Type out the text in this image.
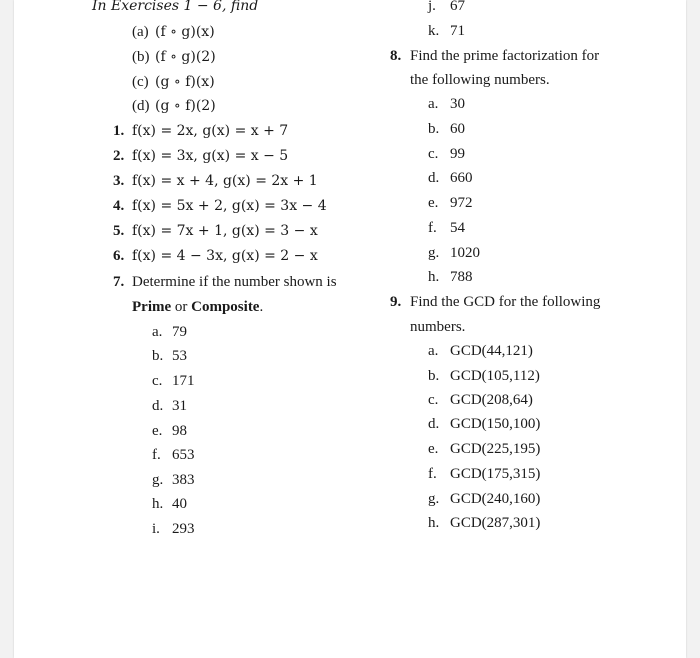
In Exercises 1 − 6, find
(a) (f ∘ g)(x)
(b) (f ∘ g)(2)
(c) (g ∘ f)(x)
(d) (g ∘ f)(2)
1. f(x) = 2x, g(x) = x + 7
2. f(x) = 3x, g(x) = x − 5
3. f(x) = x + 4, g(x) = 2x + 1
4. f(x) = 5x + 2, g(x) = 3x − 4
5. f(x) = 7x + 1, g(x) = 3 − x
6. f(x) = 4 − 3x, g(x) = 2 − x
7. Determine if the number shown is
Prime or Composite.
a. 79
b. 53
c. 171
d. 31
e. 98
f. 653
g. 383
h. 40
i. 293
j. 67
k. 71
8. Find the prime factorization for
the following numbers.
a. 30
b. 60
c. 99
d. 660
e. 972
f. 54
g. 1020
h. 788
9. Find the GCD for the following
numbers.
a. GCD(44,121)
b. GCD(105,112)
c. GCD(208,64)
d. GCD(150,100)
e. GCD(225,195)
f. GCD(175,315)
g. GCD(240,160)
h. GCD(287,301)
